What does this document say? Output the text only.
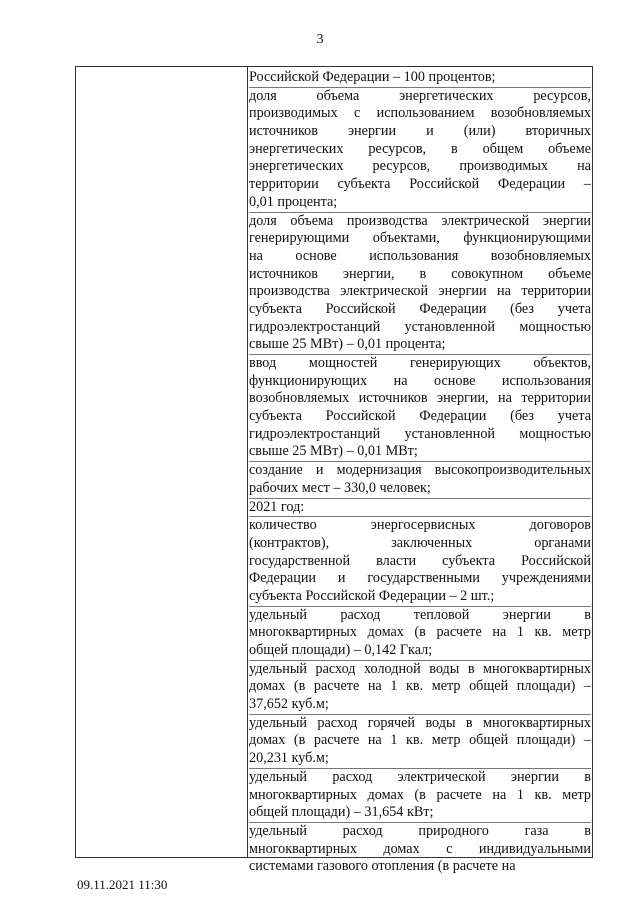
3
Российской Федерации – 100 процентов;
доля объема энергетических ресурсов,
производимых с использованием возобновляемых
источников энергии и (или) вторичных
энергетических ресурсов, в общем объеме
энергетических ресурсов, производимых на
территории субъекта Российской Федерации –
0,01 процента;
доля объема производства электрической энергии
генерирующими объектами, функционирующими
на основе использования возобновляемых
источников энергии, в совокупном объеме
производства электрической энергии на территории
субъекта Российской Федерации (без учета
гидроэлектростанций установленной мощностью
свыше 25 МВт) – 0,01 процента;
ввод мощностей генерирующих объектов,
функционирующих на основе использования
возобновляемых источников энергии, на территории
субъекта Российской Федерации (без учета
гидроэлектростанций установленной мощностью
свыше 25 МВт) – 0,01 МВт;
создание и модернизация высокопроизводительных
рабочих мест – 330,0 человек;
2021 год:
количество энергосервисных договоров
(контрактов), заключенных органами
государственной власти субъекта Российской
Федерации и государственными учреждениями
субъекта Российской Федерации – 2 шт.;
удельный расход тепловой энергии в
многоквартирных домах (в расчете на 1 кв. метр
общей площади) – 0,142 Гкал;
удельный расход холодной воды в многоквартирных
домах (в расчете на 1 кв. метр общей площади) –
37,652 куб.м;
удельный расход горячей воды в многоквартирных
домах (в расчете на 1 кв. метр общей площади) –
20,231 куб.м;
удельный расход электрической энергии в
многоквартирных домах (в расчете на 1 кв. метр
общей площади) – 31,654 кВт;
удельный расход природного газа в
многоквартирных домах с индивидуальными
системами газового отопления (в расчете на
09.11.2021 11:30
